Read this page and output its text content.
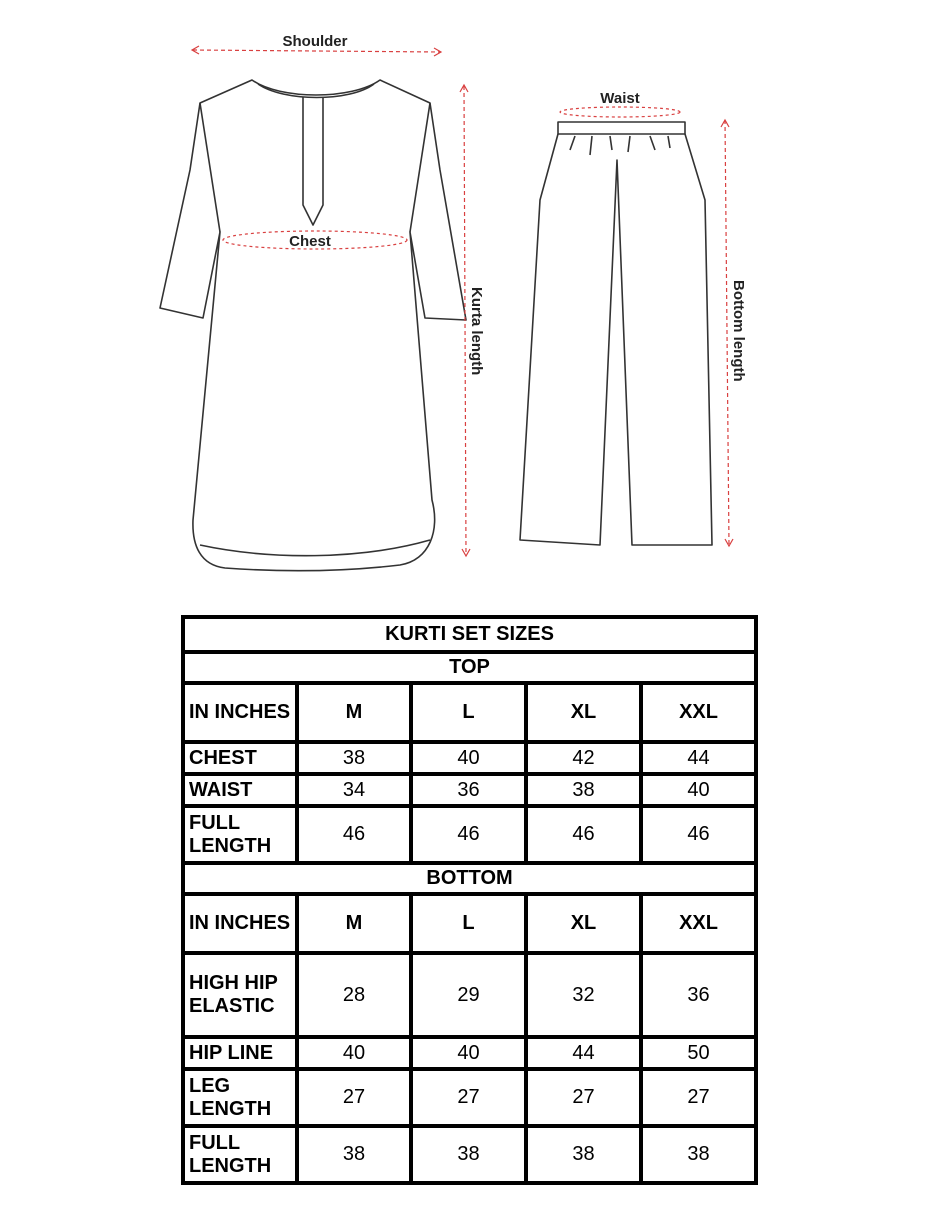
Shoulder
Chest
Kurta length
Waist
Bottom length
KURTI SET SIZES				
TOP				
IN INCHES	M	L	XL	XXL
CHEST	38	40	42	44
WAIST	34	36	38	40
FULL LENGTH	46	46	46	46
BOTTOM				
IN INCHES	M	L	XL	XXL
HIGH HIP ELASTIC	28	29	32	36
HIP LINE	40	40	44	50
LEG LENGTH	27	27	27	27
FULL LENGTH	38	38	38	38
